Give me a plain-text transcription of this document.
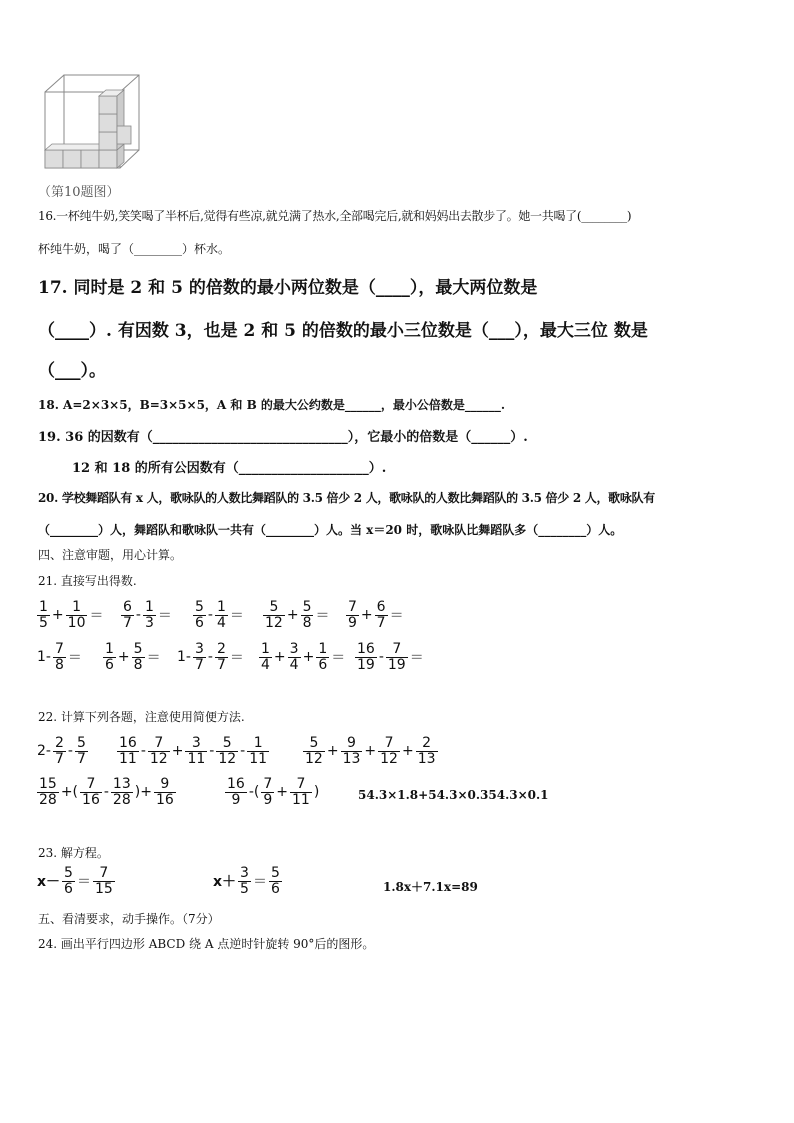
（第10题图）
16.一杯纯牛奶,笑笑喝了半杯后,觉得有些凉,就兑满了热水,全部喝完后,就和妈妈出去散步了。她一共喝了(________)
杯纯牛奶，喝了（________）杯水。
17. 同时是 2 和 5 的倍数的最小两位数是（____），最大两位数是
（____）. 有因数 3，也是 2 和 5 的倍数的最小三位数是（___），最大三位 数是
（___）。
18. A=2×3×5，B=3×5×5，A 和 B 的最大公约数是______，最小公倍数是______.
19. 36 的因数有（______________________________），它最小的倍数是（______）.
12 和 18 的所有公因数有（____________________）.
20. 学校舞蹈队有 x 人，歌咏队的人数比舞蹈队的 3.5 倍少 2 人，歌咏队的人数比舞蹈队的 3.5 倍少 2 人，歌咏队有
（________）人，舞蹈队和歌咏队一共有（________）人。当 x＝20 时，歌咏队比舞蹈队多（________）人。
四、注意审题，用心计算。
21. 直接写出得数.
$\frac{1}{5} + \frac{1}{10} = \frac{6}{7} - \frac{1}{3} = \frac{5}{6} - \frac{1}{4} = \frac{5}{12} + \frac{5}{8} = \frac{7}{9} + \frac{6}{7}$ ＝
$1- \frac{7}{8} = \frac{1}{6} + \frac{5}{8} = 1- \frac{3}{7} - \frac{2}{7} = \frac{1}{4} + \frac{3}{4} + \frac{1}{6} = \frac{16}{19} - \frac{7}{19}$ ＝
22. 计算下列各题，注意使用简便方法.
$2- \frac{2}{7} - \frac{5}{7} \frac{16}{11} - \frac{7}{12} + \frac{3}{11} - \frac{5}{12} - \frac{1}{11} \frac{5}{12} + \frac{9}{13} + \frac{7}{12} + \frac{2}{13}$
$\frac{15}{28}$ +( $\frac{7}{16} - \frac{13}{28}$ )+ $\frac{9}{16}$	$\frac{16}{9}$ -( $\frac{7}{9} + \frac{7}{11}$ )	54.3×1.8+54.3×0.354.3×0.1
23. 解方程。
$x- \frac{5}{6} = \frac{7}{15}$	$x+ \frac{3}{5} = \frac{5}{6}$	1.8x＋7.1x=89
五、看清要求，动手操作。（7分）
24. 画出平行四边形 ABCD 绕 A 点逆时针旋转 90°后的图形。
